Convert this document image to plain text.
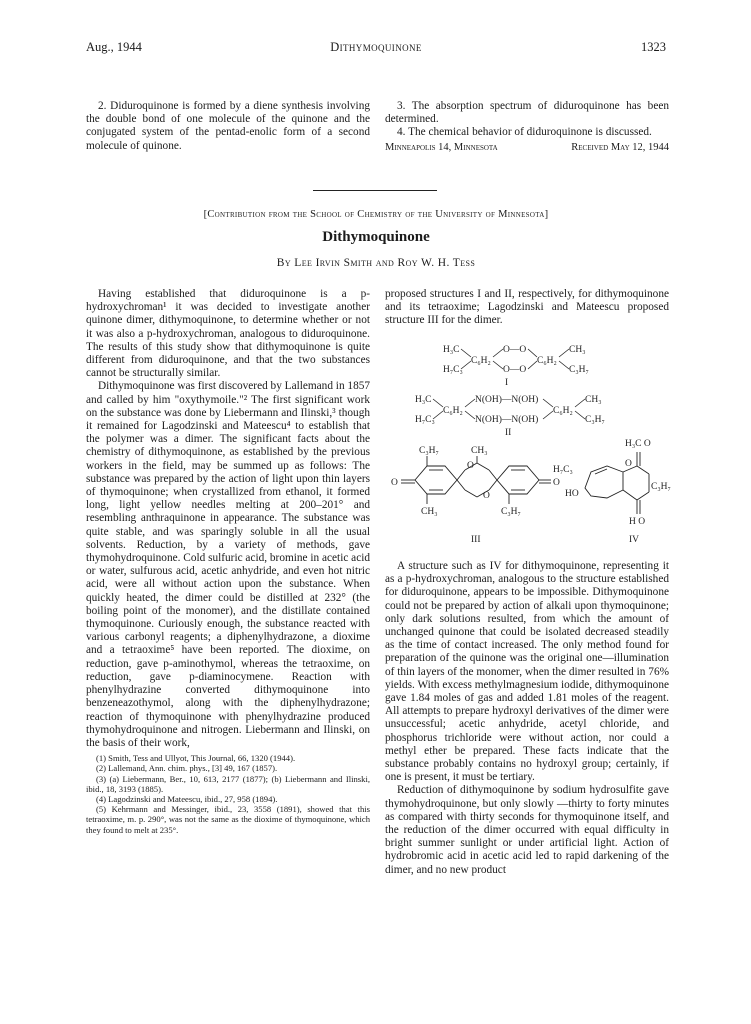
Aug., 1944	Dithymoquinone	1323

2. Diduroquinone is formed by a diene synthesis involving the double bond of one molecule of the quinone and the conjugated system of the pentad-enolic form of a second molecule of quinone.

3. The absorption spectrum of diduroquinone has been determined.

4. The chemical behavior of diduroquinone is discussed.

Minneapolis 14, Minnesota	Received May 12, 1944
[Contribution from the School of Chemistry of the University of Minnesota]
Dithymoquinone
By Lee Irvin Smith and Roy W. H. Tess

Having established that diduroquinone is a p-hydroxychroman¹ it was decided to investigate another quinone dimer, dithymoquinone, to determine whether or not it was also a p-hydroxychroman, analogous to diduroquinone. The results of this study show that dithymoquinone is quite different from diduroquinone, and that the two substances cannot be structurally similar.

Dithymoquinone was first discovered by Lallemand in 1857 and called by him "oxythymoile."² The first significant work on the substance was done by Liebermann and Ilinski,³ though it remained for Lagodzinski and Mateescu⁴ to establish that the polymer was a dimer. The significant facts about the chemistry of dithymoquinone, as established by the previous workers in the field, may be summed up as follows: The substance was prepared by the action of light upon thin layers of thymoquinone; when crystallized from ethanol, it formed long, light yellow needles melting at 200–201° and resembling anthraquinone in appearance. The substance was quite stable, and was sparingly soluble in all the usual solvents. Reduction, by a variety of methods, gave thymohydroquinone. Cold sulfuric acid, bromine in acetic acid or water, sulfurous acid, acetic anhydride, and even hot nitric acid, were all without action upon the substance. When quickly heated, the dimer could be distilled at 232° (the boiling point of the monomer), and the distillate contained thymoquinone. Curiously enough, the substance reacted with various carbonyl reagents; a diphenylhydrazone, a dioxime and a tetraoxime⁵ have been reported. The dioxime, on reduction, gave p-aminothymol, whereas the tetraoxime, on reduction, gave p-diaminocymene. Reaction with phenylhydrazine converted dithymoquinone into benzeneazothymol, along with the diphenylhydrazone; reaction of thymoquinone with phenylhydrazine produced thymohydroquinone and nitrogen. Liebermann and Ilinski, on the basis of their work,

(1) Smith, Tess and Ullyot, This Journal, 66, 1320 (1944).
(2) Lallemand, Ann. chim. phys., [3] 49, 167 (1857).
(3) (a) Liebermann, Ber., 10, 613, 2177 (1877); (b) Liebermann and Ilinski, ibid., 18, 3193 (1885).
(4) Lagodzinski and Mateescu, ibid., 27, 958 (1894).
(5) Kehrmann and Messinger, ibid., 23, 3558 (1891), showed that this tetraoxime, m. p. 290°, was not the same as the dioxime of thymoquinone, which they found to melt at 235°.

proposed structures I and II, respectively, for dithymoquinone and its tetraoxime; Lagodzinski and Mateescu proposed structure III for the dimer.

H₃C
H₇C₃
C₆H₂
O—O
O—O
C₆H₂
CH₃
C₃H₇
I
H₃C
H₇C₃
C₆H₂
N(OH)—N(OH)
N(OH)—N(OH)
C₆H₂
CH₃
C₃H₇
II
C₃H₇	CH₃
O	O
O
O
CH₃	C₃H₇
III
H₃C O
H₇C₃
HO
O
C₃H₇
H O
IV

A structure such as IV for dithymoquinone, representing it as a p-hydroxychroman, analogous to the structure established for diduroquinone, appears to be impossible. Dithymoquinone could not be prepared by action of alkali upon thymoquinone; only dark solutions resulted, from which the amount of unchanged quinone that could be isolated decreased steadily as the time of contact increased. The only method found for preparation of the quinone was the original one—illumination of thin layers of the monomer, when the dimer resulted in 76% yields. With excess methylmagnesium iodide, dithymoquinone gave 1.84 moles of gas and added 1.81 moles of the reagent. All attempts to prepare hydroxyl derivatives of the dimer were unsuccessful; acetic anhydride, acetyl chloride, and phosphorus trichloride were without action, nor could a methyl ether be prepared. These facts indicate that the substance probably contains no hydroxyl group; certainly, if one is present, it must be tertiary.

Reduction of dithymoquinone by sodium hydrosulfite gave thymohydroquinone, but only slowly —thirty to forty minutes as compared with thirty seconds for thymoquinone itself, and the reduction of the dimer occurred with equal difficulty in bright summer sunlight or under artificial light. Action of hydrobromic acid in acetic acid led to rapid darkening of the dimer, and no new product
